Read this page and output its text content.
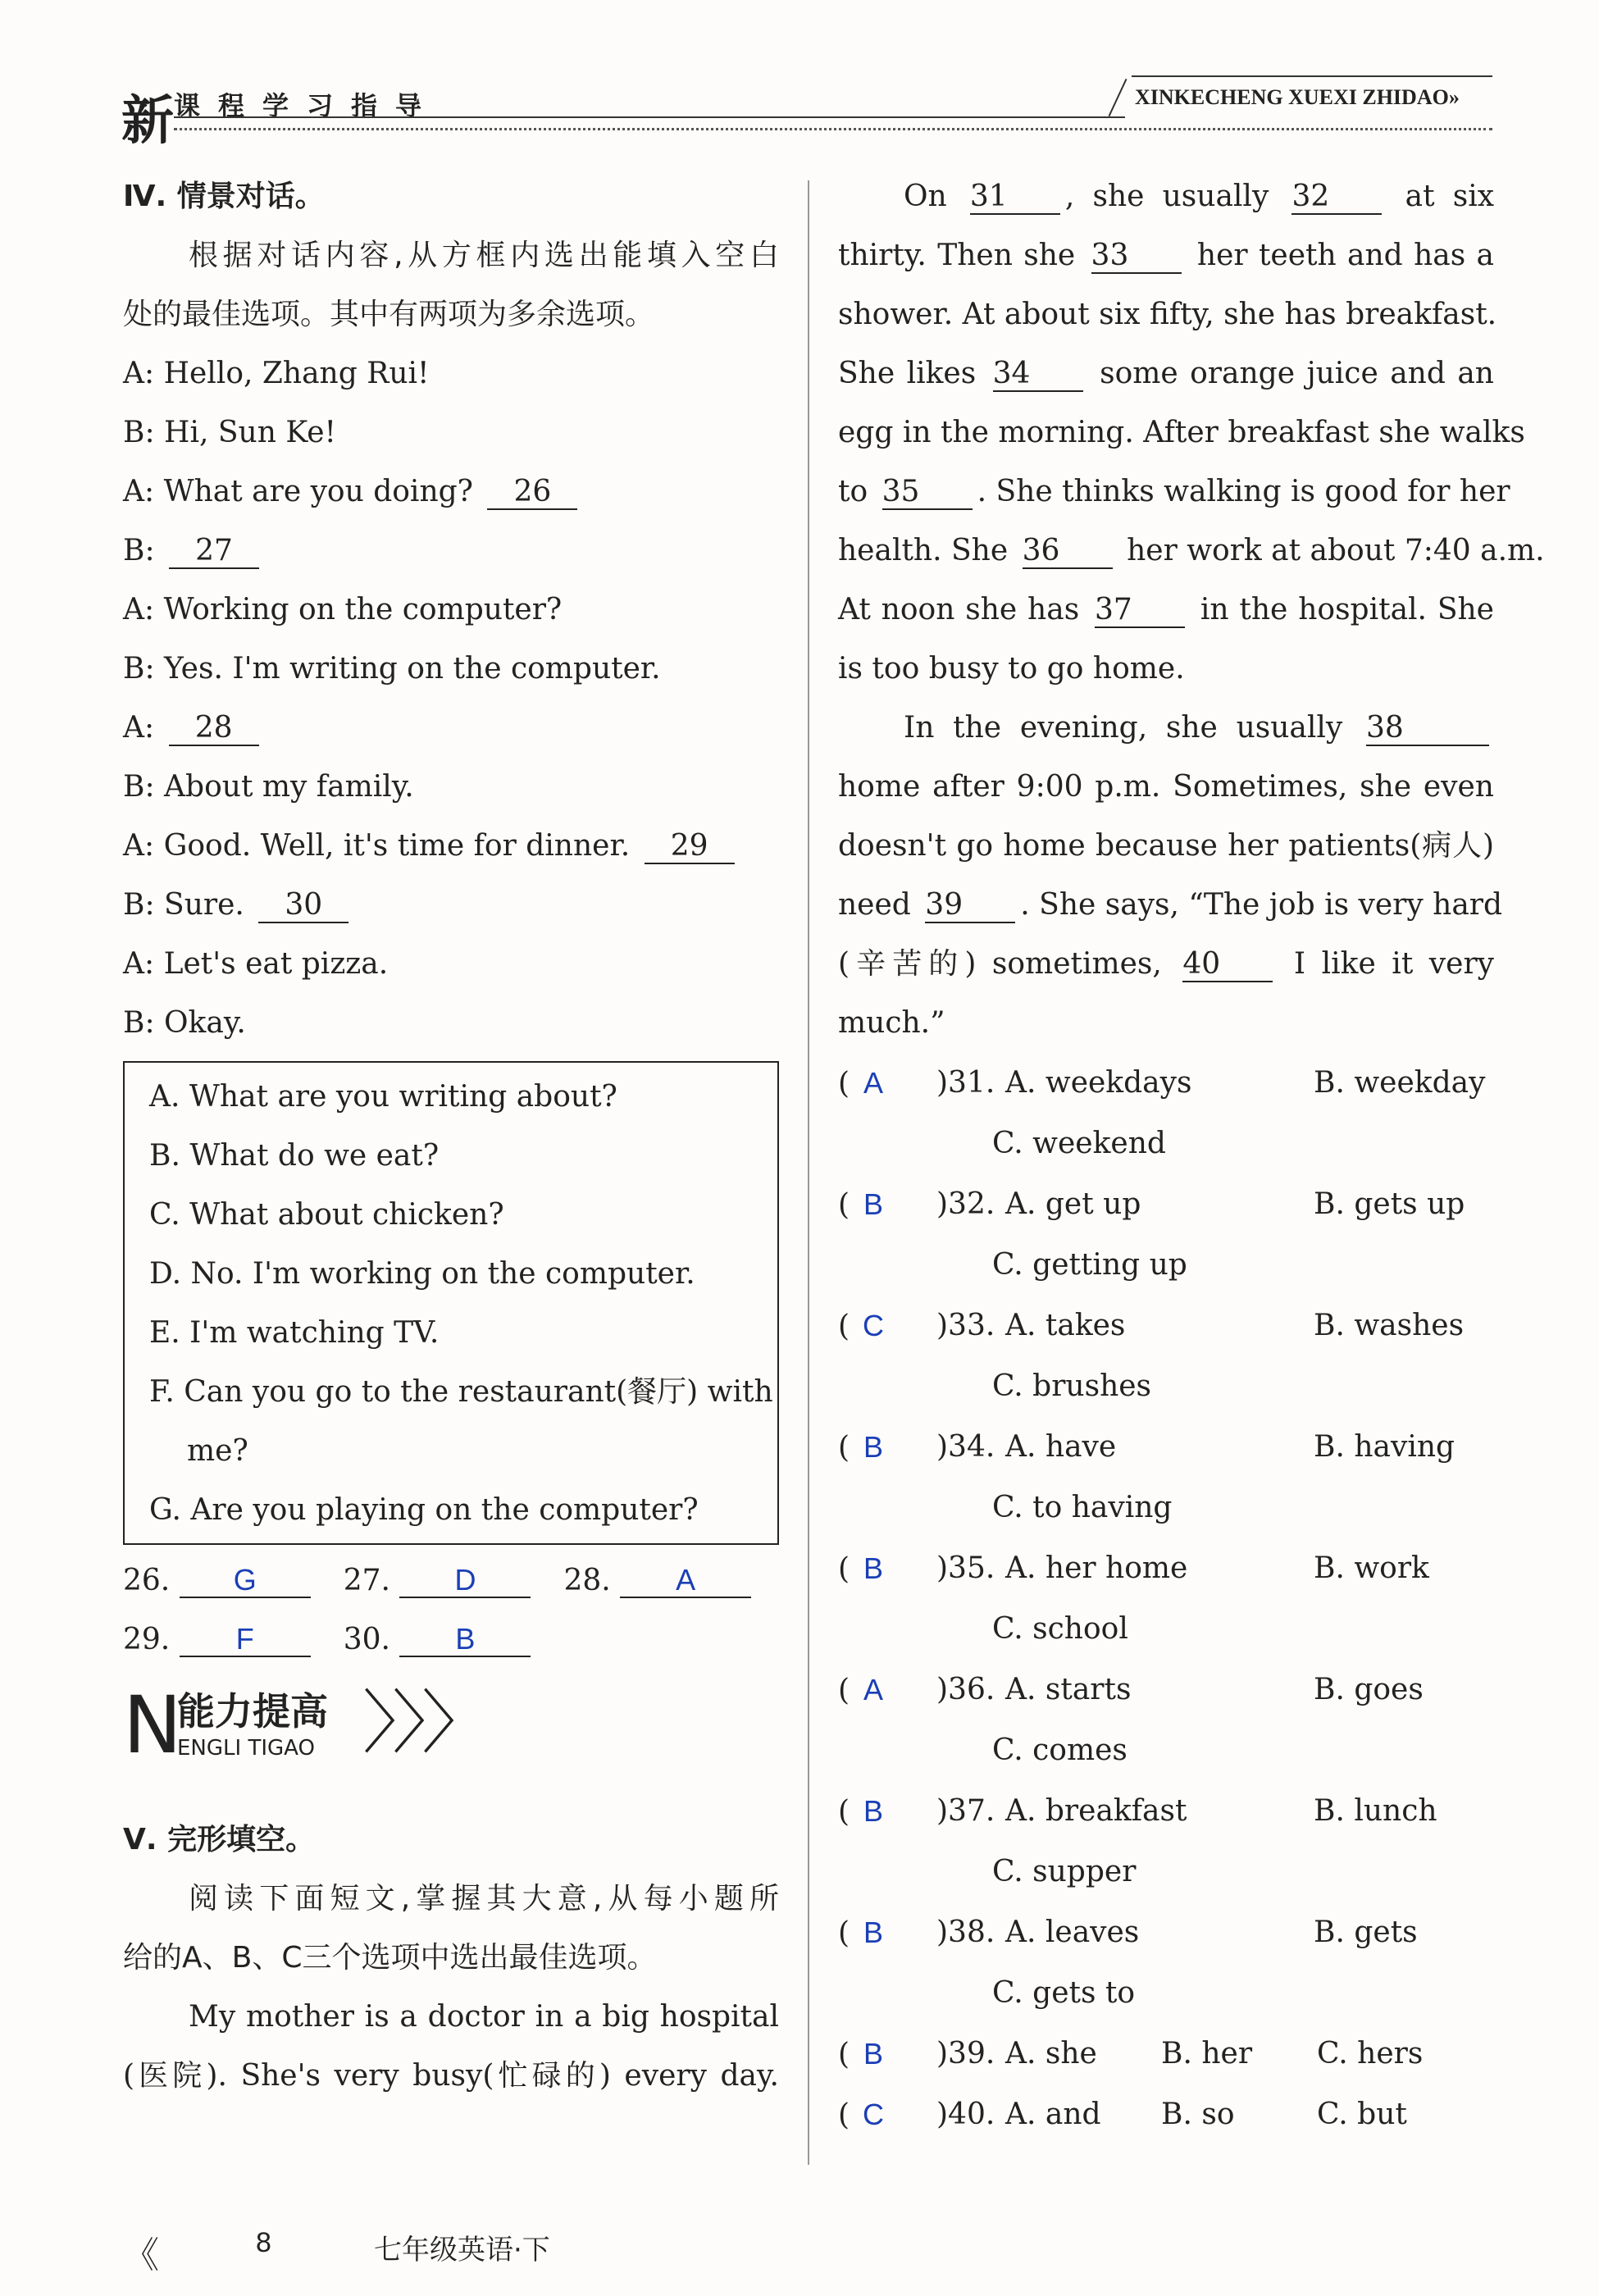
新 课程学习指导	XINKECHENG XUEXI ZHIDAO»
Ⅳ. 情景对话。
根据对话内容,从方框内选出能填入空白
处的最佳选项。其中有两项为多余选项。
A: Hello, Zhang Rui!
B: Hi, Sun Ke!
A: What are you doing? 26
B: 27
A: Working on the computer?
B: Yes. I'm writing on the computer.
A: 28
B: About my family.
A: Good. Well, it's time for dinner. 29
B: Sure. 30
A: Let's eat pizza.
B: Okay.
A. What are you writing about?
B. What do we eat?
C. What about chicken?
D. No. I'm working on the computer.
E. I'm watching TV.
F. Can you go to the restaurant(餐厅) with
me?
G. Are you playing on the computer?
26. G	27. D	28. A
29. F	30. B
N
能力提高
ENGLI TIGAO 〉〉〉
Ⅴ. 完形填空。
阅读下面短文,掌握其大意,从每小题所
给的A、B、C三个选项中选出最佳选项。
My mother is a doctor in a big hospital
(医院). She's very busy(忙碌的) every day.
On 31 , she usually 32	at six
thirty. Then she 33 her teeth and has a
shower. At about six fifty, she has breakfast.
She likes 34 some orange juice and an
egg in the morning. After breakfast she walks
to 35 . She thinks walking is good for her
health. She 36 her work at about 7:40 a.m.
At noon she has 37 in the hospital. She
is too busy to go home.
In the evening, she usually 38
home after 9:00 p.m. Sometimes, she even
doesn't go home because her patients(病人)
need 39 . She says, “The job is very hard
(辛苦的) sometimes, 40 I like it very
much.”
( A	)31. A. weekdays	B. weekday
C. weekend
( B	)32. A. get up	B. gets up
C. getting up
( C	)33. A. takes	B. washes
C. brushes
( B	)34. A. have	B. having
C. to having
( B	)35. A. her home	B. work
C. school
( A	)36. A. starts	B. goes
C. comes
( B	)37. A. breakfast	B. lunch
C. supper
( B	)38. A. leaves	B. gets
C. gets to
( B	)39. A. she	B. her	C. hers
( C	)40. A. and	B. so	C. but
《	8	七年级英语·下
